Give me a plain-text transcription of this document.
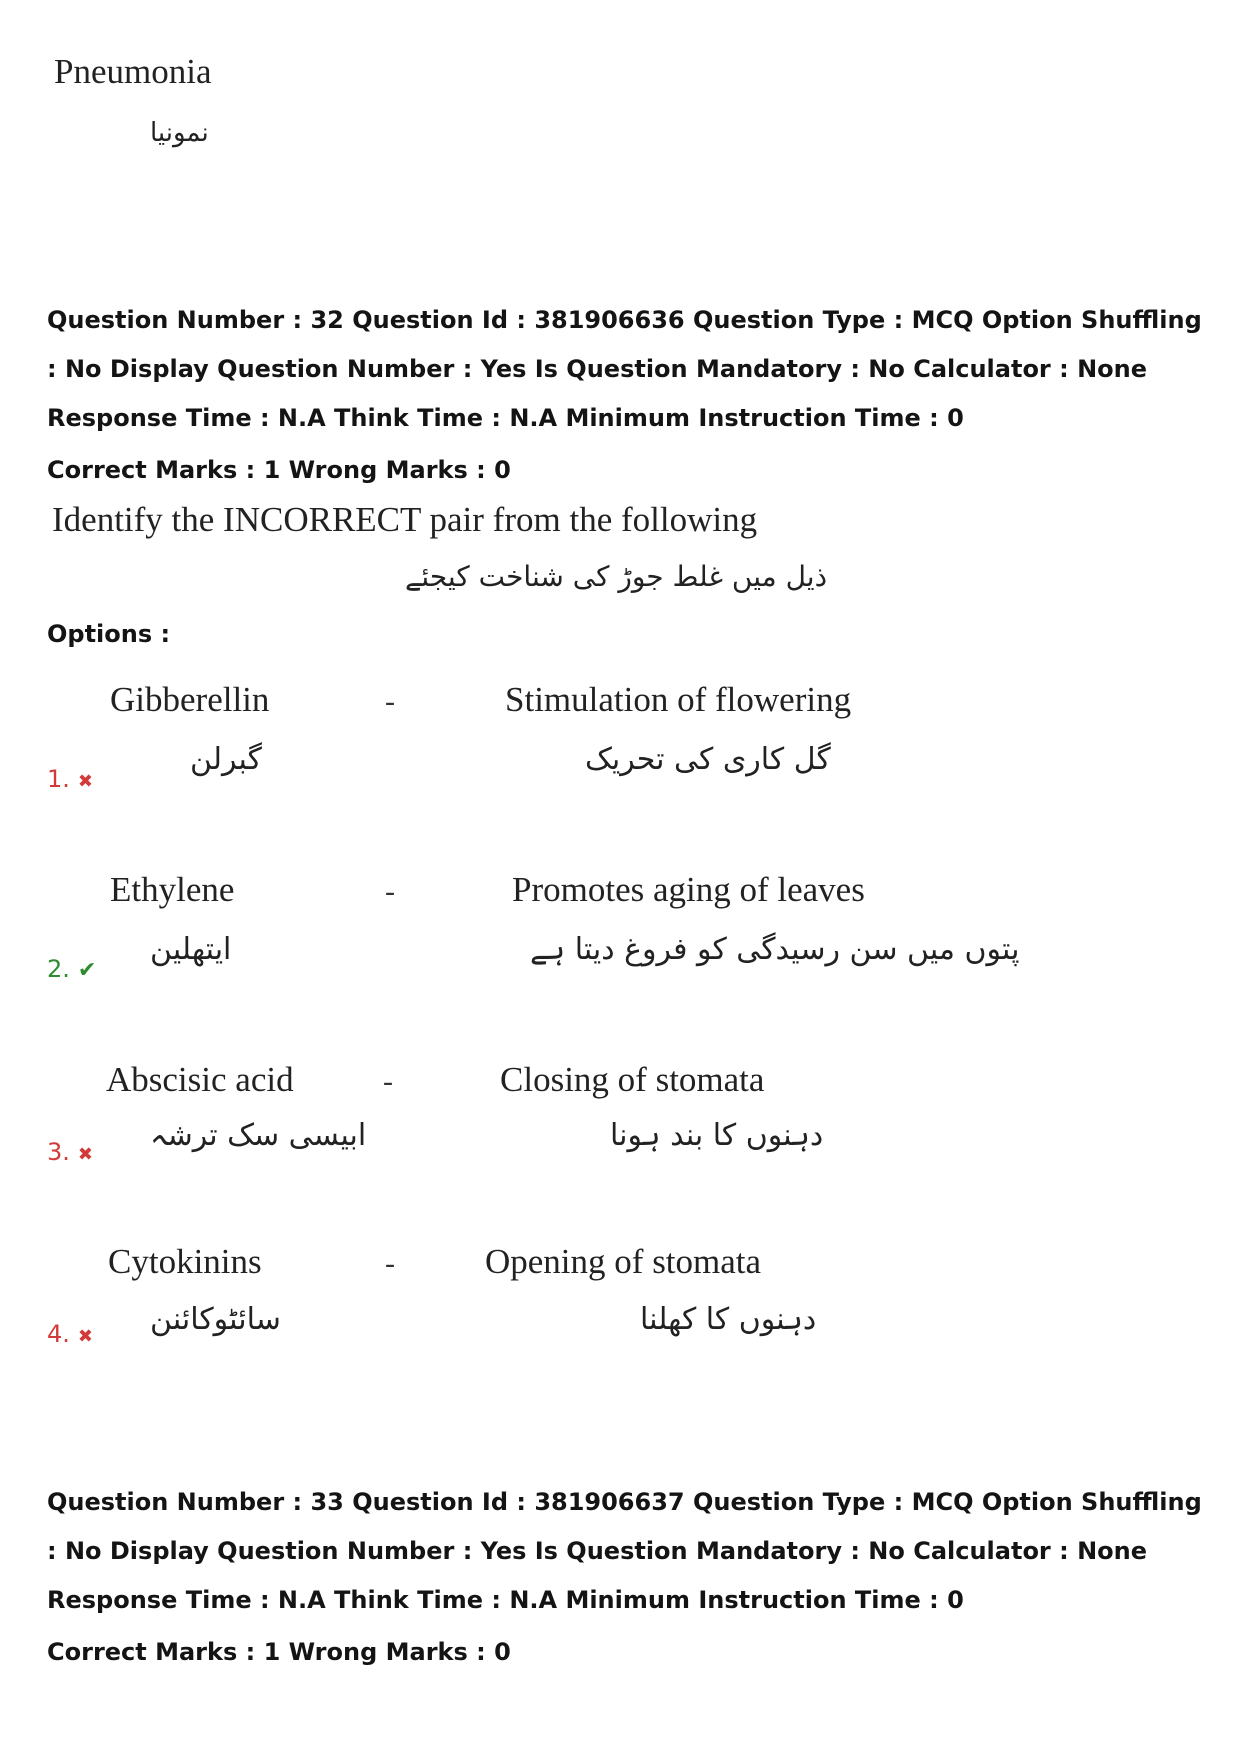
Pneumonia
نمونیا
Question Number : 32 Question Id : 381906636 Question Type : MCQ Option Shuffling : No Display Question Number : Yes Is Question Mandatory : No Calculator : None Response Time : N.A Think Time : N.A Minimum Instruction Time : 0
Correct Marks : 1 Wrong Marks : 0
Identify the INCORRECT pair from the following
ذیل میں غلط جوڑ کی شناخت کیجئے
Options :
Gibberellin	-	Stimulation of flowering
گبرلن	گل کاری کی تحریک
1. ✖
Ethylene	-	Promotes aging of leaves
ایتھلین	پتوں میں سن رسیدگی کو فروغ دیتا ہے
2. ✔
Abscisic acid	-	Closing of stomata
ابیسی سک ترشہ	دہنوں کا بند ہونا
3. ✖
Cytokinins	-	Opening of stomata
سائٹوکائنن	دہنوں کا کھلنا
4. ✖
Question Number : 33 Question Id : 381906637 Question Type : MCQ Option Shuffling : No Display Question Number : Yes Is Question Mandatory : No Calculator : None Response Time : N.A Think Time : N.A Minimum Instruction Time : 0
Correct Marks : 1 Wrong Marks : 0
